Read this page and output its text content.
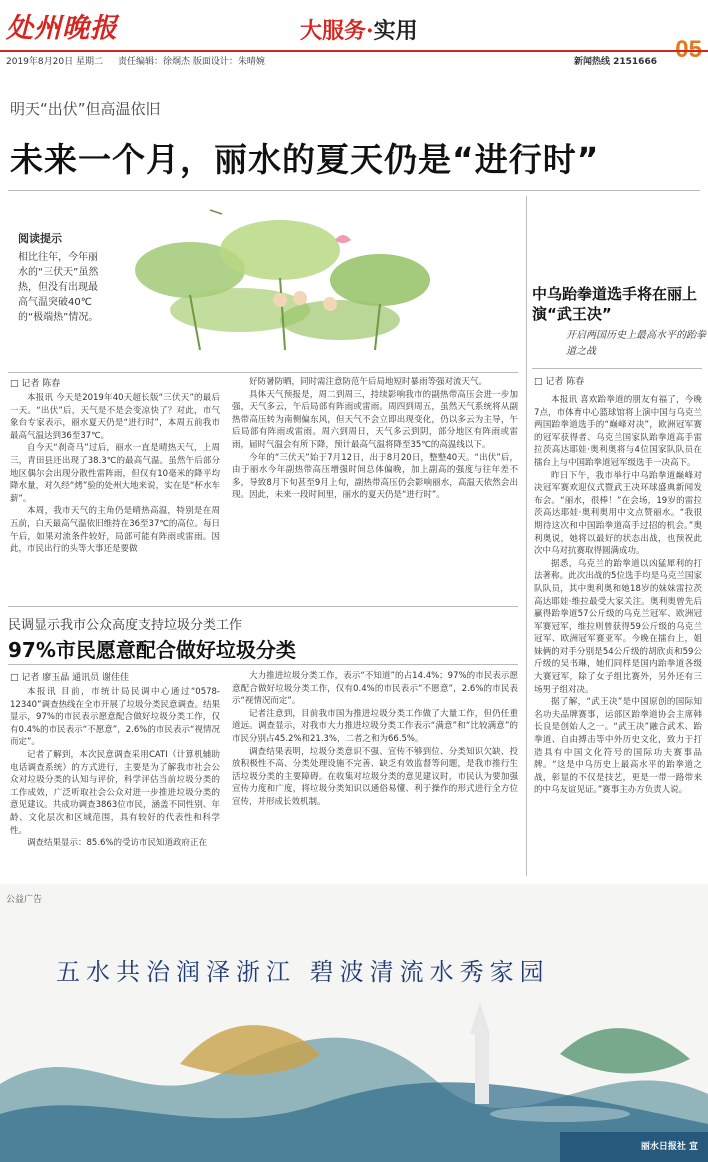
处州晚报	大服务·实用
05
2019年8月20日 星期二 责任编辑：徐炯杰 版面设计：朱晴婉	新闻热线 2151666
明天“出伏”但高温依旧
未来一个月，丽水的夏天仍是“进行时”
阅读提示
相比往年，今年丽水的“三伏天”虽然热，但没有出现最高气温突破40℃的“极端热”情况。
□ 记者 陈春

本报讯 今天是2019年40天超长版“三伏天”的最后一天。“出伏”后，天气是不是会变凉快了？对此，市气象台专家表示，丽水夏天仍是“进行时”，本周五前我市最高气温达到36至37℃。

自今天“刹奇马”过后，丽水一直是晴热天气，上周三，青田县还出现了38.3℃的最高气温。虽然午后部分地区偶尔会出现分散性雷阵雨，但仅有10毫米的降平均降水量，对久经“烤”验的处州大地来说，实在是“杯水车薪”。

本周，我市天气的主角仍是晴热高温，特别是在周五前，白天最高气温依旧维持在36至37℃的高位。每日午后，如果对流条件较好，局部可能有阵雨或雷雨。因此，市民出行的头等大事还是要做

好防暑防晒，同时需注意防范午后局地短时暴雨等强对流天气。

具体天气预报是，周二到周三，持续影响我市的副热带高压会进一步加强，天气多云，午后局部有阵雨或雷雨。周四到周五，虽然天气系统将从副热带高压转为南侧偏东风，但天气不会立即出现变化，仍以多云为主导，午后局部有阵雨或雷雨。周六到周日，天气多云到阴，部分地区有阵雨或雷雨，届时气温会有所下降，预计最高气温将降至35℃的高温线以下。

今年的“三伏天”始于7月12日，出于8月20日，整整40天。“出伏”后，由于丽水今年副热带高压增强时间总体偏晚，加上副高的强度与往年差不多，导致8月下旬甚至9月上旬，副热带高压仍会影响丽水，高温天依然会出现。因此，未来一段时间里，丽水的夏天仍是“进行时”。

民调显示我市公众高度支持垃圾分类工作
97%市民愿意配合做好垃圾分类
□ 记者 廖玉晶 通讯员 谢佳佳

本报讯 目前，市统计局民调中心通过“0578-12340”调查热线在全市开展了垃圾分类民意调查。结果显示，97%的市民表示愿意配合做好垃圾分类工作，仅有0.4%的市民表示“不愿意”，2.6%的市民表示“视情况而定”。

记者了解到，本次民意调查采用CATI（计算机辅助电话调查系统）的方式进行，主要是为了解我市社会公众对垃圾分类的认知与评价，科学评估当前垃圾分类的工作成效，广泛听取社会公众对进一步推进垃圾分类的意见建议。共成功调查3863位市民，涵盖不同性别、年龄、文化层次和区域范围，具有较好的代表性和科学性。

调查结果显示：85.6%的受访市民知道政府正在

大力推进垃圾分类工作，表示“不知道”的占14.4%；97%的市民表示愿意配合做好垃圾分类工作，仅有0.4%的市民表示“不愿意”，2.6%的市民表示“视情况而定”。

记者注意到，目前我市国为推进垃圾分类工作做了大量工作，但仍任重道远。调查显示，对我市大力推进垃圾分类工作表示“满意”和“比较满意”的市民分别占45.2%和21.3%，二者之和为66.5%。

调查结果表明，垃圾分类意识不强、宣传不够到位、分类知识欠缺、投放积极性不高、分类处理设施不完善、缺乏有效监督等问题，是我市推行生活垃圾分类的主要障碍。在收集对垃圾分类的意见建议时，市民认为要加强宣传力度和广度，将垃圾分类知识以通俗易懂、利于操作的形式进行全方位宣传，并形成长效机制。

中乌跆拳道选手将在丽上演“武王决”
开启两国历史上最高水平的跆拳道之战
□ 记者 陈春

本报讯 喜欢跆拳道的朋友有福了，今晚7点，市体育中心篮球馆将上演中国与乌克兰两国跆拳道选手的“巅峰对决”，欧洲冠军赛的冠军获得者、乌克兰国家队跆拳道高手雷拉茨高达耶娃·奥利奥将与4位国家队队员在擂台上与中国跆拳道冠军级选手一决高下。

昨日下午，我市举行中乌跆拳道巅峰对决冠军赛欢迎仪式暨武王决环球盛典新闻发布会。“丽水，很棒！”在会场，19岁的雷拉茨高达耶娃·奥利奥用中文点赞丽水。“我很期待这次和中国跆拳道高手过招的机会。”奥利奥说，她将以最好的状态出战，也预祝此次中乌对抗赛取得圆满成功。

据悉，乌克兰的跆拳道以凶猛犀利的打法著称。此次出战的5位选手均是乌克兰国家队队员，其中奥利奥和她18岁的妹妹雷拉茨高达耶娃·维拉最受大家关注。奥利奥曾先后赢得跆拳道57公斤级的乌克兰冠军、欧洲冠军赛冠军，维拉则曾获得59公斤级的乌克兰冠军、欧洲冠军赛亚军。今晚在擂台上，姐妹俩的对手分别是54公斤级的胡欣贞和59公斤级的吴书琳，她们同样是国内跆拳道各级大赛冠军，除了女子组比赛外，另外还有三场男子组对决。

据了解，“武王决”是中国原创的国际知名功夫品牌赛事，运部区跆拳道协会主席韩长良是创始人之一。“武王决”融合武术、跆拳道、自由搏击等中外历史文化，致力于打造具有中国文化符号的国际功夫赛事品牌。“这是中乌历史上最高水平的跆拳道之战，彰显的不仅是技艺，更是一带一路带来的中乌友谊见证。”赛事主办方负责人说。

公益广告
五水共治润泽浙江 碧波清流水秀家园
丽水日报社 宣
